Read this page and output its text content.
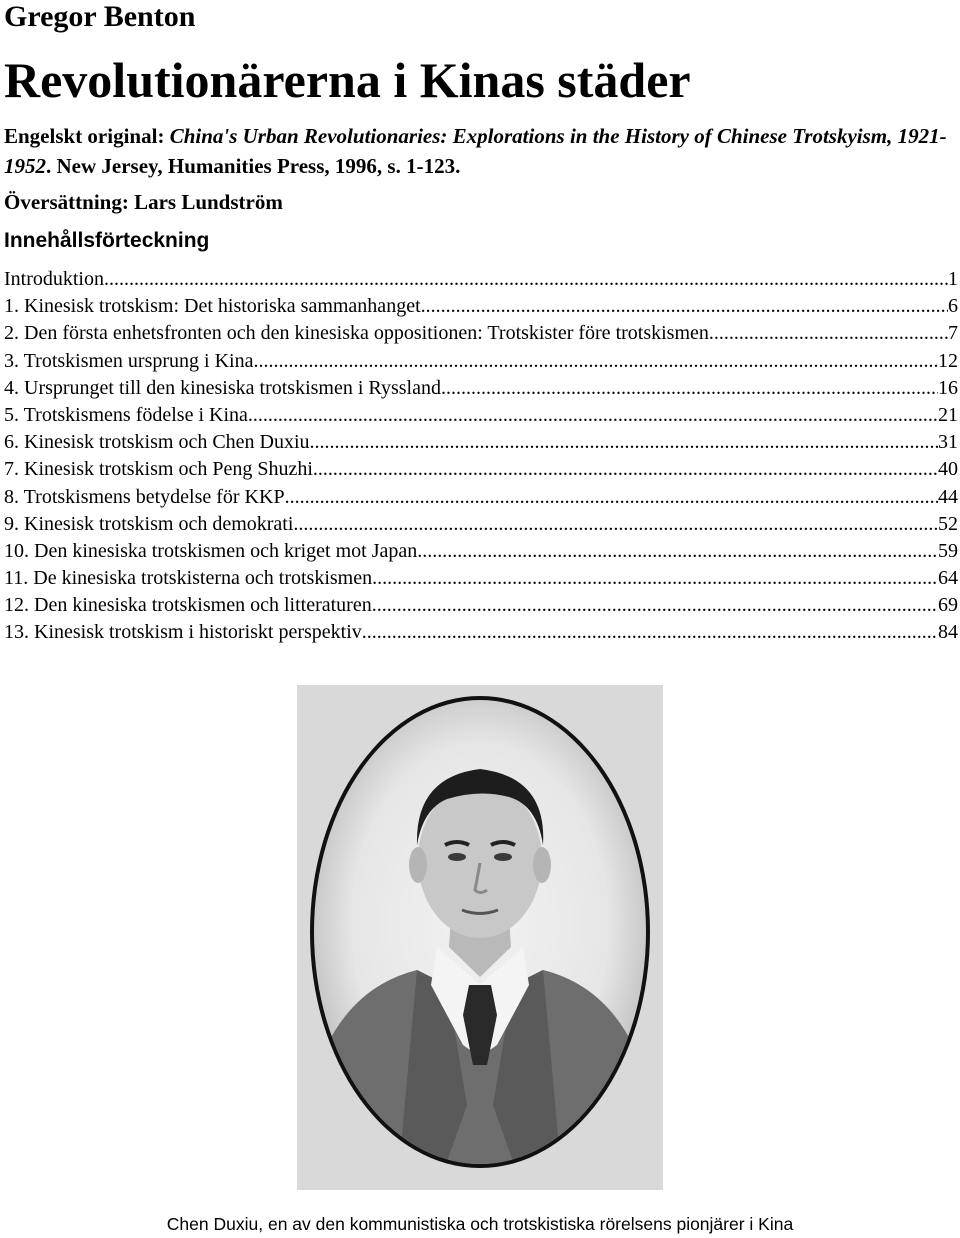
Gregor Benton
Revolutionärerna i Kinas städer
Engelskt original: China's Urban Revolutionaries: Explorations in the History of Chinese Trotskyism, 1921-1952. New Jersey, Humanities Press, 1996, s. 1-123.
Översättning: Lars Lundström
Innehållsförteckning
Introduktion .....	1
1. Kinesisk trotskism: Det historiska sammanhanget .....	6
2. Den första enhetsfronten och den kinesiska oppositionen: Trotskister före trotskismen .....	7
3. Trotskismen ursprung i Kina .....	12
4. Ursprunget till den kinesiska trotskismen i Ryssland .....	16
5. Trotskismens födelse i Kina .....	21
6. Kinesisk trotskism och Chen Duxiu .....	31
7. Kinesisk trotskism och Peng Shuzhi .....	40
8. Trotskismens betydelse för KKP .....	44
9. Kinesisk trotskism och demokrati .....	52
10. Den kinesiska trotskismen och kriget mot Japan .....	59
11. De kinesiska trotskisterna och trotskismen .....	64
12. Den kinesiska trotskismen och litteraturen .....	69
13. Kinesisk trotskism i historiskt perspektiv .....	84
Chen Duxiu, en av den kommunistiska och trotskistiska rörelsens pionjärer i Kina
